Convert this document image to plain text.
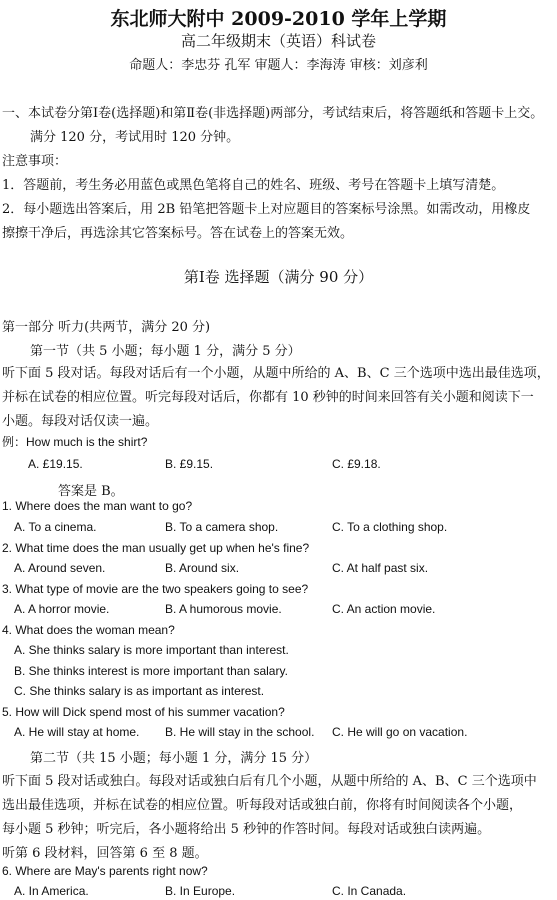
东北师大附中 2009-2010 学年上学期
高二年级期末（英语）科试卷
命题人：李忠芬 孔军 审题人：李海涛 审核：刘彦利
一、本试卷分第Ⅰ卷(选择题)和第Ⅱ卷(非选择题)两部分，考试结束后，将答题纸和答题卡上交。
满分 120 分，考试用时 120 分钟。
注意事项：
1．答题前，考生务必用蓝色或黑色笔将自己的姓名、班级、考号在答题卡上填写清楚。
2．每小题选出答案后，用 2B 铅笔把答题卡上对应题目的答案标号涂黑。如需改动，用橡皮
擦擦干净后，再选涂其它答案标号。答在试卷上的答案无效。
第Ⅰ卷 选择题（满分 90 分）
第一部分 听力(共两节，满分 20 分)
第一节（共 5 小题；每小题 1 分，满分 5 分）
听下面 5 段对话。每段对话后有一个小题，从题中所给的 A、B、C 三个选项中选出最佳选项，
并标在试卷的相应位置。听完每段对话后，你都有 10 秒钟的时间来回答有关小题和阅读下一
小题。每段对话仅读一遍。
例：How much is the shirt?
A. £19.15.	B. £9.15.	C. £9.18.
答案是 B。
1. Where does the man want to go?
A. To a cinema.	B. To a camera shop.	C. To a clothing shop.
2. What time does the man usually get up when he's fine?
A. Around seven.	B. Around six.	C. At half past six.
3. What type of movie are the two speakers going to see?
A. A horror movie.	B. A humorous movie.	C. An action movie.
4. What does the woman mean?
A. She thinks salary is more important than interest.
B. She thinks interest is more important than salary.
C. She thinks salary is as important as interest.
5. How will Dick spend most of his summer vacation?
A. He will stay at home. B. He will stay in the school. C. He will go on vacation.
第二节（共 15 小题；每小题 1 分，满分 15 分）
听下面 5 段对话或独白。每段对话或独白后有几个小题，从题中所给的 A、B、C 三个选项中
选出最佳选项，并标在试卷的相应位置。听每段对话或独白前，你将有时间阅读各个小题，
每小题 5 秒钟；听完后，各小题将给出 5 秒钟的作答时间。每段对话或独白读两遍。
听第 6 段材料，回答第 6 至 8 题。
6. Where are May's parents right now?
A. In America.	B. In Europe.	C. In Canada.
